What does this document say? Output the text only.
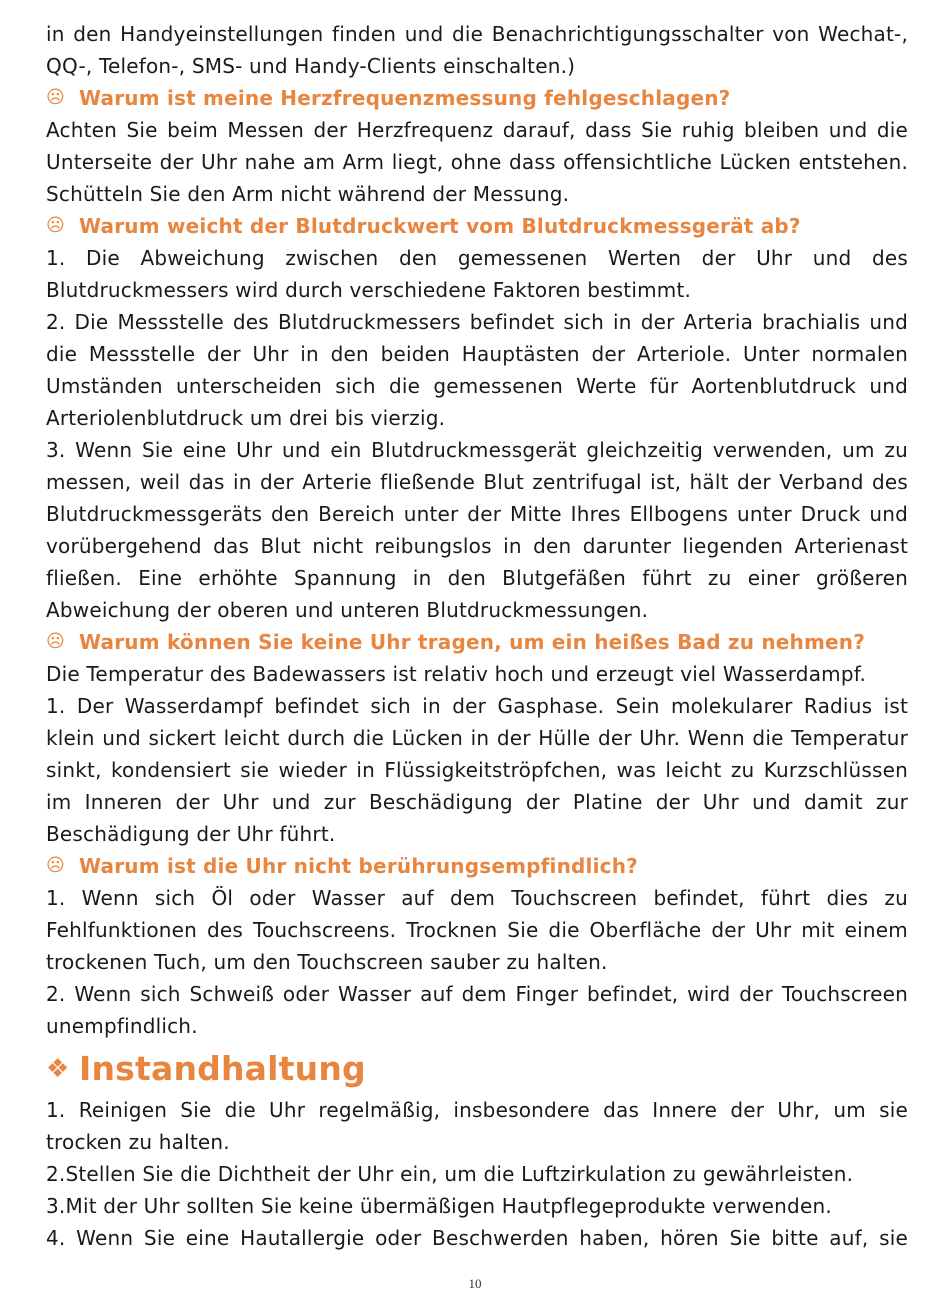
in den Handyeinstellungen finden und die Benachrichtigungsschalter von Wechat-, QQ-, Telefon-, SMS- und Handy-Clients einschalten.)
☹ Warum ist meine Herzfrequenzmessung fehlgeschlagen?
Achten Sie beim Messen der Herzfrequenz darauf, dass Sie ruhig bleiben und die Unterseite der Uhr nahe am Arm liegt, ohne dass offensichtliche Lücken entstehen. Schütteln Sie den Arm nicht während der Messung.
☹ Warum weicht der Blutdruckwert vom Blutdruckmessgerät ab?
1. Die Abweichung zwischen den gemessenen Werten der Uhr und des Blutdruckmessers wird durch verschiedene Faktoren bestimmt.
2. Die Messstelle des Blutdruckmessers befindet sich in der Arteria brachialis und die Messstelle der Uhr in den beiden Hauptästen der Arteriole. Unter normalen Umständen unterscheiden sich die gemessenen Werte für Aortenblutdruck und Arteriolenblutdruck um drei bis vierzig.
3. Wenn Sie eine Uhr und ein Blutdruckmessgerät gleichzeitig verwenden, um zu messen, weil das in der Arterie fließende Blut zentrifugal ist, hält der Verband des Blutdruckmessgeräts den Bereich unter der Mitte Ihres Ellbogens unter Druck und vorübergehend das Blut nicht reibungslos in den darunter liegenden Arterienast fließen. Eine erhöhte Spannung in den Blutgefäßen führt zu einer größeren Abweichung der oberen und unteren Blutdruckmessungen.
☹ Warum können Sie keine Uhr tragen, um ein heißes Bad zu nehmen?
Die Temperatur des Badewassers ist relativ hoch und erzeugt viel Wasserdampf.
1. Der Wasserdampf befindet sich in der Gasphase. Sein molekularer Radius ist klein und sickert leicht durch die Lücken in der Hülle der Uhr. Wenn die Temperatur sinkt, kondensiert sie wieder in Flüssigkeitströpfchen, was leicht zu Kurzschlüssen im Inneren der Uhr und zur Beschädigung der Platine der Uhr und damit zur Beschädigung der Uhr führt.
☹ Warum ist die Uhr nicht berührungsempfindlich?
1. Wenn sich Öl oder Wasser auf dem Touchscreen befindet, führt dies zu Fehlfunktionen des Touchscreens. Trocknen Sie die Oberfläche der Uhr mit einem trockenen Tuch, um den Touchscreen sauber zu halten.
2. Wenn sich Schweiß oder Wasser auf dem Finger befindet, wird der Touchscreen unempfindlich.
❖ Instandhaltung
1. Reinigen Sie die Uhr regelmäßig, insbesondere das Innere der Uhr, um sie trocken zu halten.
2.Stellen Sie die Dichtheit der Uhr ein, um die Luftzirkulation zu gewährleisten.
3.Mit der Uhr sollten Sie keine übermäßigen Hautpflegeprodukte verwenden.
4. Wenn Sie eine Hautallergie oder Beschwerden haben, hören Sie bitte auf, sie
10
